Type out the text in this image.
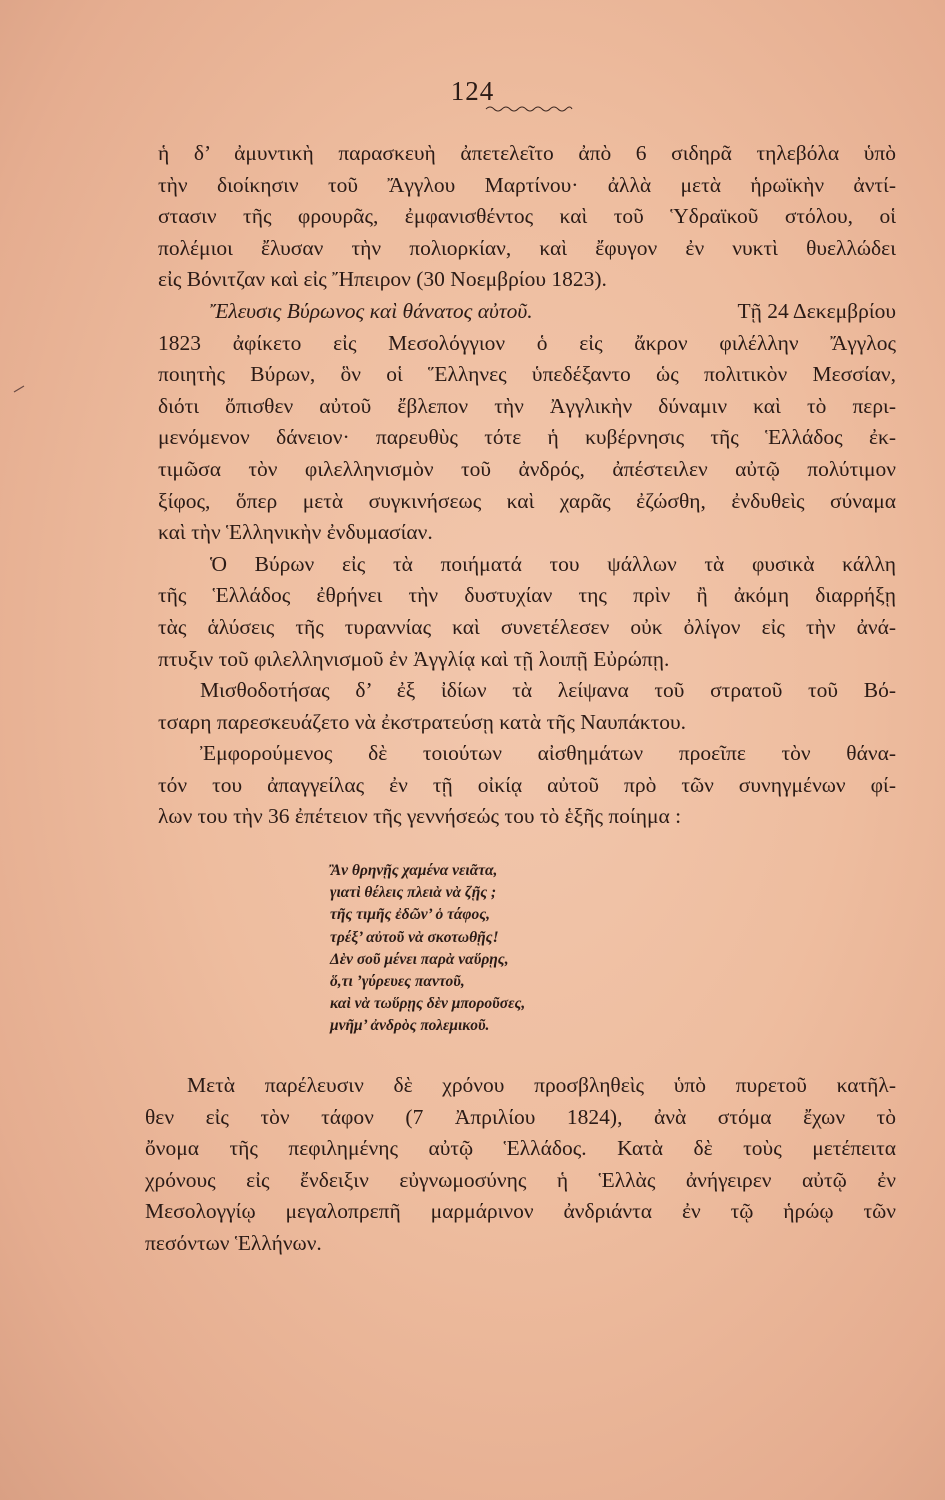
124
ἡ δ’ ἀμυντικὴ παρασκευὴ ἀπετελεῖτο ἀπὸ 6 σιδηρᾶ τηλεβόλα ὑπὸ
τὴν διοίκησιν τοῦ Ἄγγλου Μαρτίνου· ἀλλὰ μετὰ ἡρωϊκὴν ἀντί-
στασιν τῆς φρουρᾶς, ἐμφανισθέντος καὶ τοῦ Ὑδραϊκοῦ στόλου, οἱ
πολέμιοι ἔλυσαν τὴν πολιορκίαν, καὶ ἔφυγον ἐν νυκτὶ θυελλώδει
εἰς Βόνιτζαν καὶ εἰς Ἤπειρον (30 Νοεμβρίου 1823).
Ἔλευσις Βύρωνος καὶ θάνατος αὐτοῦ.	Τῇ 24 Δεκεμβρίου
1823 ἀφίκετο εἰς Μεσολόγγιον ὁ εἰς ἄκρον φιλέλλην Ἄγγλος
ποιητὴς Βύρων, ὃν οἱ Ἕλληνες ὑπεδέξαντο ὡς πολιτικὸν Μεσσίαν,
διότι ὄπισθεν αὐτοῦ ἔβλεπον τὴν Ἀγγλικὴν δύναμιν καὶ τὸ περι-
μενόμενον δάνειον· παρευθὺς τότε ἡ κυβέρνησις τῆς Ἑλλάδος ἐκ-
τιμῶσα τὸν φιλελληνισμὸν τοῦ ἀνδρός, ἀπέστειλεν αὐτῷ πολύτιμον
ξίφος, ὅπερ μετὰ συγκινήσεως καὶ χαρᾶς ἐζώσθη, ἐνδυθεὶς σύναμα
καὶ τὴν Ἑλληνικὴν ἐνδυμασίαν.
Ὁ Βύρων εἰς τὰ ποιήματά του ψάλλων τὰ φυσικὰ κάλλη
τῆς Ἑλλάδος ἐθρήνει τὴν δυστυχίαν της πρὶν ἢ ἀκόμη διαρρήξῃ
τὰς ἁλύσεις τῆς τυραννίας καὶ συνετέλεσεν οὐκ ὀλίγον εἰς τὴν ἀνά-
πτυξιν τοῦ φιλελληνισμοῦ ἐν Ἀγγλίᾳ καὶ τῇ λοιπῇ Εὐρώπῃ.
Μισθοδοτήσας δ’ ἐξ ἰδίων τὰ λείψανα τοῦ στρατοῦ τοῦ Βό-
τσαρη παρεσκευάζετο νὰ ἐκστρατεύσῃ κατὰ τῆς Ναυπάκτου.
Ἐμφορούμενος δὲ τοιούτων αἰσθημάτων προεῖπε τὸν θάνα-
τόν του ἀπαγγείλας ἐν τῇ οἰκίᾳ αὐτοῦ πρὸ τῶν συνηγμένων φί-
λων του τὴν 36 ἐπέτειον τῆς γεννήσεώς του τὸ ἑξῆς ποίημα :
Ἂν θρηνῇς χαμένα νειᾶτα,
γιατὶ θέλεις πλειὰ νὰ ζῇς ;
τῆς τιμῆς ἐδῶν’ ὁ τάφος,
τρέξ’ αὐτοῦ νὰ σκοτωθῇς!
Δὲν σοῦ μένει παρὰ ναὕρῃς,
ὅ,τι ’γύρευες παντοῦ,
καὶ νὰ τωὕρῃς δὲν μποροῦσες,
μνῆμ’ ἀνδρὸς πολεμικοῦ.
Μετὰ παρέλευσιν δὲ χρόνου προσβληθεὶς ὑπὸ πυρετοῦ κατῆλ-
θεν εἰς τὸν τάφον (7 Ἀπριλίου 1824), ἀνὰ στόμα ἔχων τὸ
ὄνομα τῆς πεφιλημένης αὐτῷ Ἑλλάδος. Κατὰ δὲ τοὺς μετέπειτα
χρόνους εἰς ἔνδειξιν εὐγνωμοσύνης ἡ Ἑλλὰς ἀνήγειρεν αὐτῷ ἐν
Μεσολογγίῳ μεγαλοπρεπῆ μαρμάρινον ἀνδριάντα ἐν τῷ ἡρώῳ τῶν
πεσόντων Ἑλλήνων.
